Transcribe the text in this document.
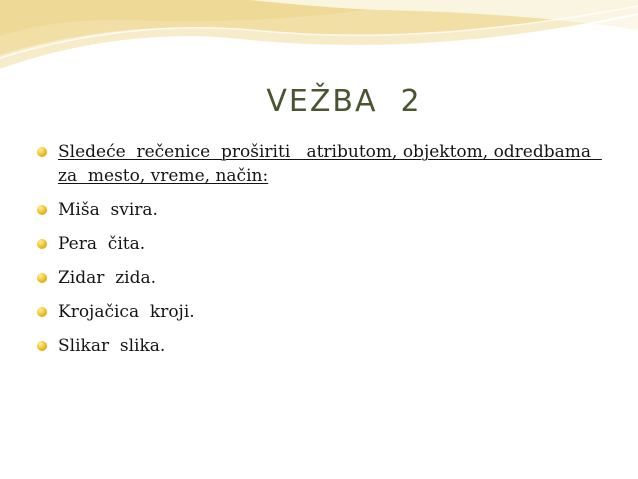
VEŽBA  2
Sledeće  rečenice  proširiti   atributom, objektom, odredbama  za  mesto, vreme, način:
Miša  svira.
Pera  čita.
Zidar  zida.
Krojačica  kroji.
Slikar  slika.
